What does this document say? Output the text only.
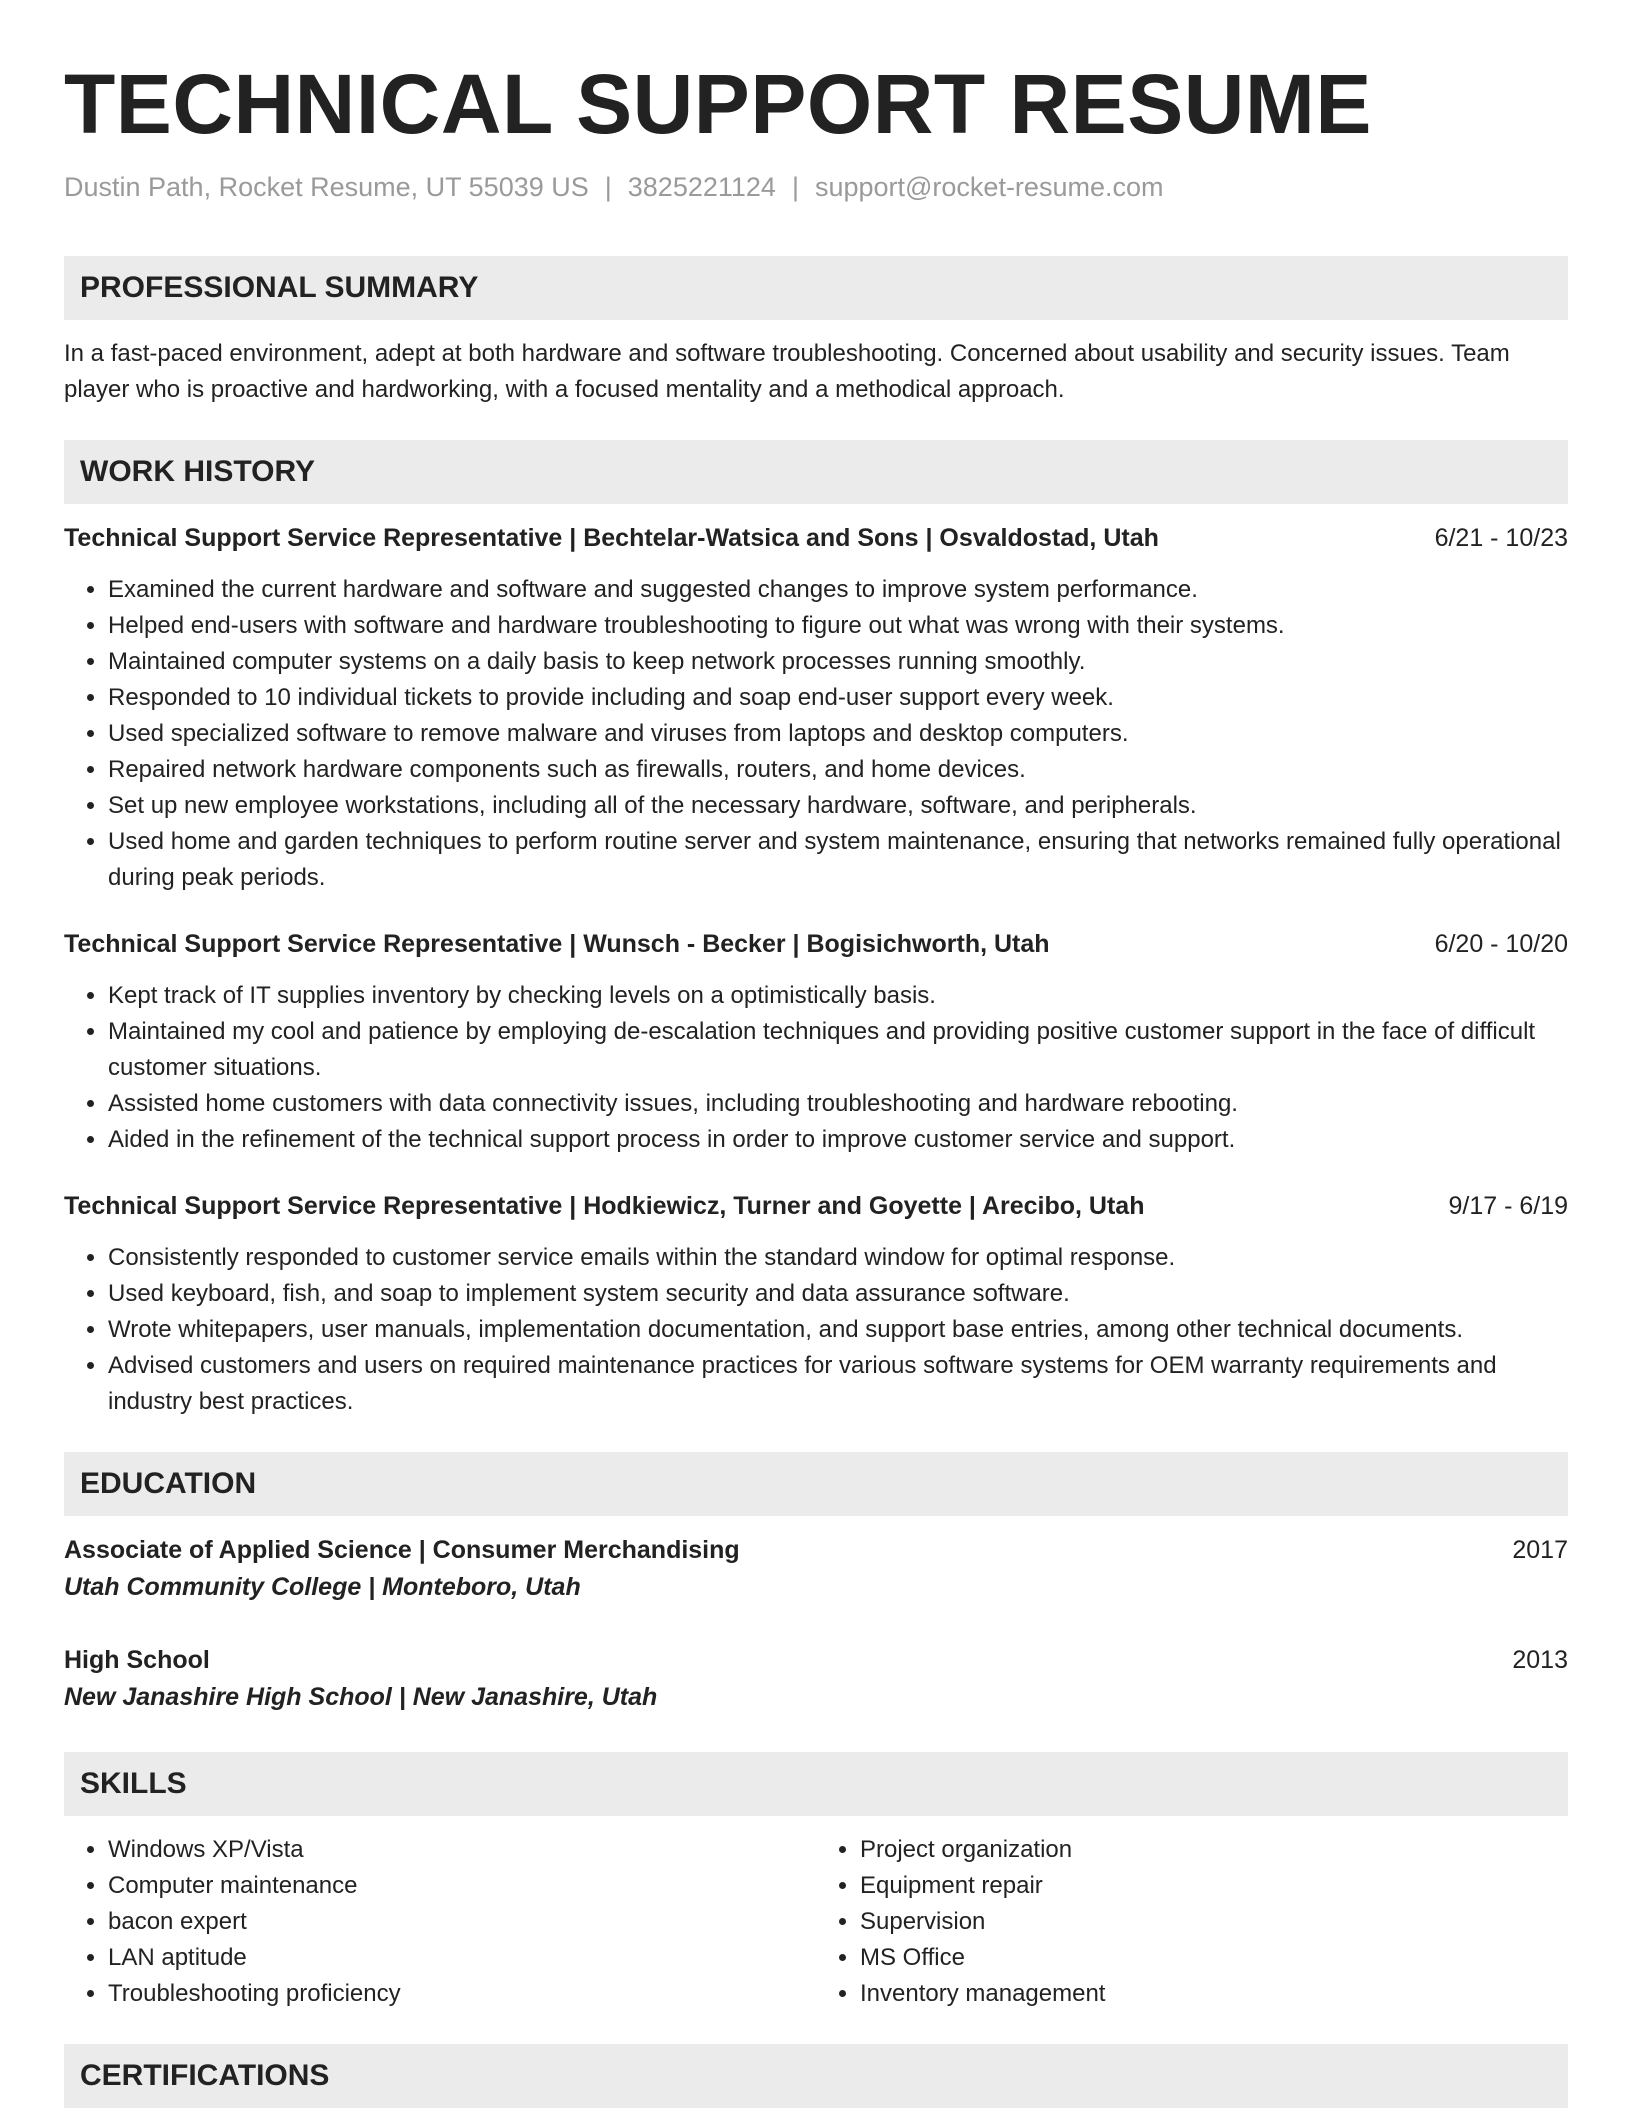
TECHNICAL SUPPORT RESUME
Dustin Path, Rocket Resume, UT 55039 US | 3825221124 | support@rocket-resume.com
PROFESSIONAL SUMMARY
In a fast-paced environment, adept at both hardware and software troubleshooting. Concerned about usability and security issues. Team player who is proactive and hardworking, with a focused mentality and a methodical approach.
WORK HISTORY
Technical Support Service Representative | Bechtelar-Watsica and Sons | Osvaldostad, Utah	6/21 - 10/23
• Examined the current hardware and software and suggested changes to improve system performance.
• Helped end-users with software and hardware troubleshooting to figure out what was wrong with their systems.
• Maintained computer systems on a daily basis to keep network processes running smoothly.
• Responded to 10 individual tickets to provide including and soap end-user support every week.
• Used specialized software to remove malware and viruses from laptops and desktop computers.
• Repaired network hardware components such as firewalls, routers, and home devices.
• Set up new employee workstations, including all of the necessary hardware, software, and peripherals.
• Used home and garden techniques to perform routine server and system maintenance, ensuring that networks remained fully operational during peak periods.
Technical Support Service Representative | Wunsch - Becker | Bogisichworth, Utah	6/20 - 10/20
• Kept track of IT supplies inventory by checking levels on a optimistically basis.
• Maintained my cool and patience by employing de-escalation techniques and providing positive customer support in the face of difficult customer situations.
• Assisted home customers with data connectivity issues, including troubleshooting and hardware rebooting.
• Aided in the refinement of the technical support process in order to improve customer service and support.
Technical Support Service Representative | Hodkiewicz, Turner and Goyette | Arecibo, Utah	9/17 - 6/19
• Consistently responded to customer service emails within the standard window for optimal response.
• Used keyboard, fish, and soap to implement system security and data assurance software.
• Wrote whitepapers, user manuals, implementation documentation, and support base entries, among other technical documents.
• Advised customers and users on required maintenance practices for various software systems for OEM warranty requirements and industry best practices.
EDUCATION
Associate of Applied Science | Consumer Merchandising	2017
Utah Community College | Monteboro, Utah
High School	2013
New Janashire High School | New Janashire, Utah
SKILLS
• Windows XP/Vista
• Computer maintenance
• bacon expert
• LAN aptitude
• Troubleshooting proficiency
• Project organization
• Equipment repair
• Supervision
• MS Office
• Inventory management
CERTIFICATIONS
